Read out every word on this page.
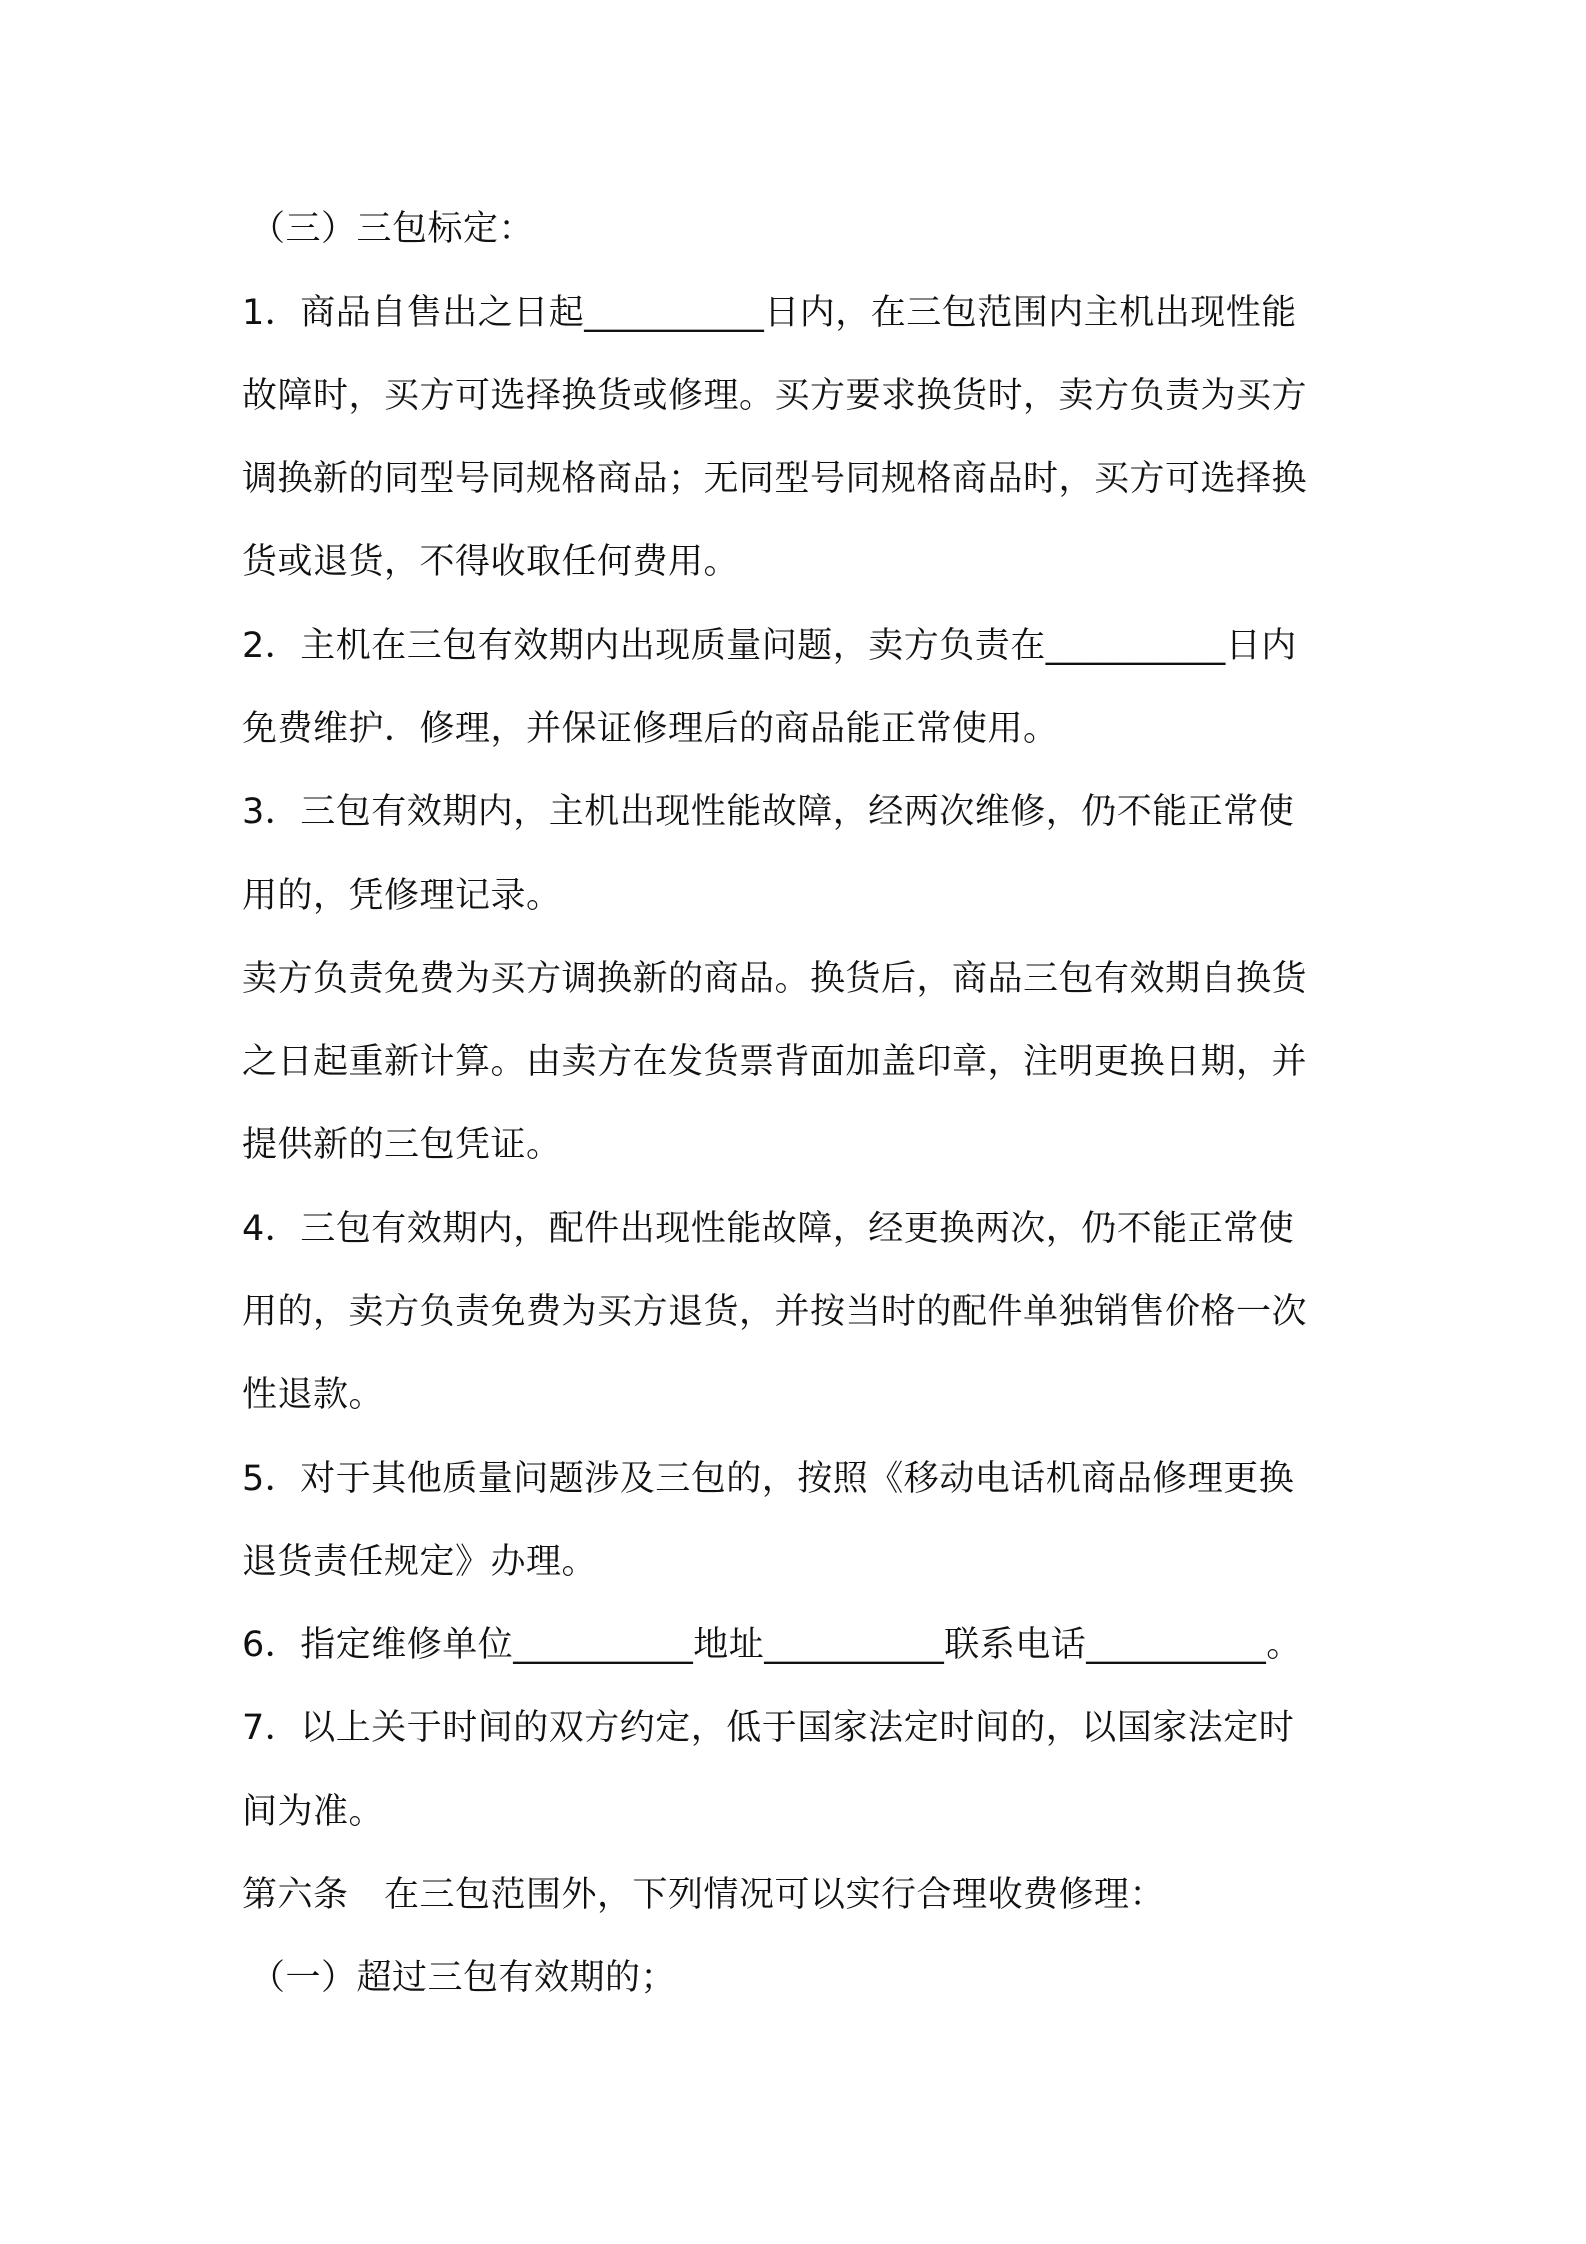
（三）三包标定：
1．商品自售出之日起__________日内，在三包范围内主机出现性能
故障时，买方可选择换货或修理。买方要求换货时，卖方负责为买方
调换新的同型号同规格商品；无同型号同规格商品时，买方可选择换
货或退货，不得收取任何费用。
2．主机在三包有效期内出现质量问题，卖方负责在__________日内
免费维护．修理，并保证修理后的商品能正常使用。
3．三包有效期内，主机出现性能故障，经两次维修，仍不能正常使
用的，凭修理记录。
卖方负责免费为买方调换新的商品。换货后，商品三包有效期自换货
之日起重新计算。由卖方在发货票背面加盖印章，注明更换日期，并
提供新的三包凭证。
4．三包有效期内，配件出现性能故障，经更换两次，仍不能正常使
用的，卖方负责免费为买方退货，并按当时的配件单独销售价格一次
性退款。
5．对于其他质量问题涉及三包的，按照《移动电话机商品修理更换
退货责任规定》办理。
6．指定维修单位__________地址__________联系电话__________。
7．以上关于时间的双方约定，低于国家法定时间的，以国家法定时
间为准。
第六条　在三包范围外，下列情况可以实行合理收费修理：
（一）超过三包有效期的；
